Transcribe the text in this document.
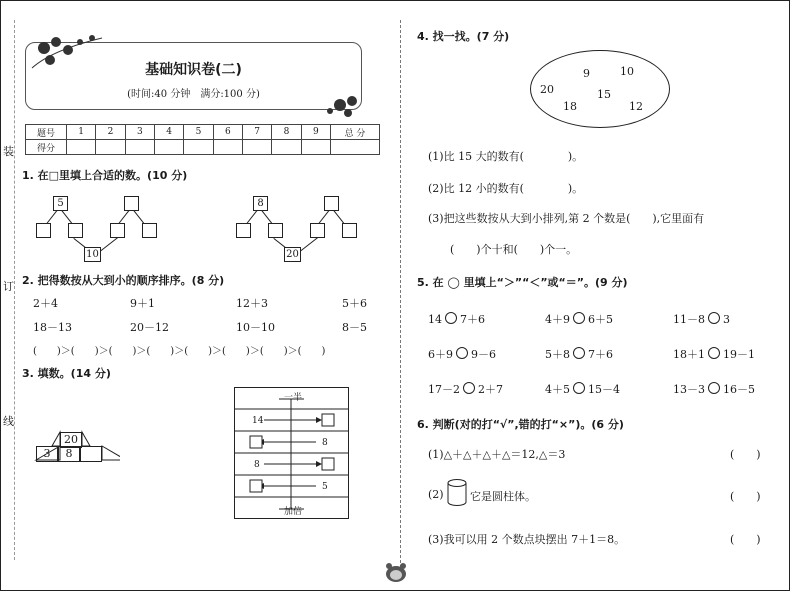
装
订
线
基础知识卷(二)
(时间:40 分钟　满分:100 分)
题号	1	2	3	4	5	6	7	8	9	总 分
得分										
1. 在□里填上合适的数。(10 分)
5
10
8
20
2. 把得数按从大到小的顺序排序。(8 分)
2＋4	9＋1	12＋3	5＋6
18－13	20－12	10－10	8－5
(　　)＞(　　)＞(　　)＞(　　)＞(　　)＞(　　)＞(　　)＞(　　)
3. 填数。(14 分)
20
3	8
一半
加倍
14
8
8
5
4. 找一找。(7 分)
9	10
20	15
18	12
(1)比 15 大的数有(　　　　)。
(2)比 12 小的数有(　　　　)。
(3)把这些数按从大到小排列,第 2 个数是(　　),它里面有
(　　)个十和(　　)个一。
5. 在 ◯ 里填上“＞”“＜”或“＝”。(9 分)
14 7＋6	4＋9 6＋5	11－8 3
6＋9 9－6	5＋8 7＋6	18＋1 19－1
17－2 2＋7	4＋5 15－4	13－3 16－5
6. 判断(对的打“√”,错的打“×”)。(6 分)
(1)△＋△＋△＋△＝12,△＝3	(　　)
(2) 它是圆柱体。	(　　)
(3)我可以用 2 个数点块摆出 7＋1＝8。	(　　)
